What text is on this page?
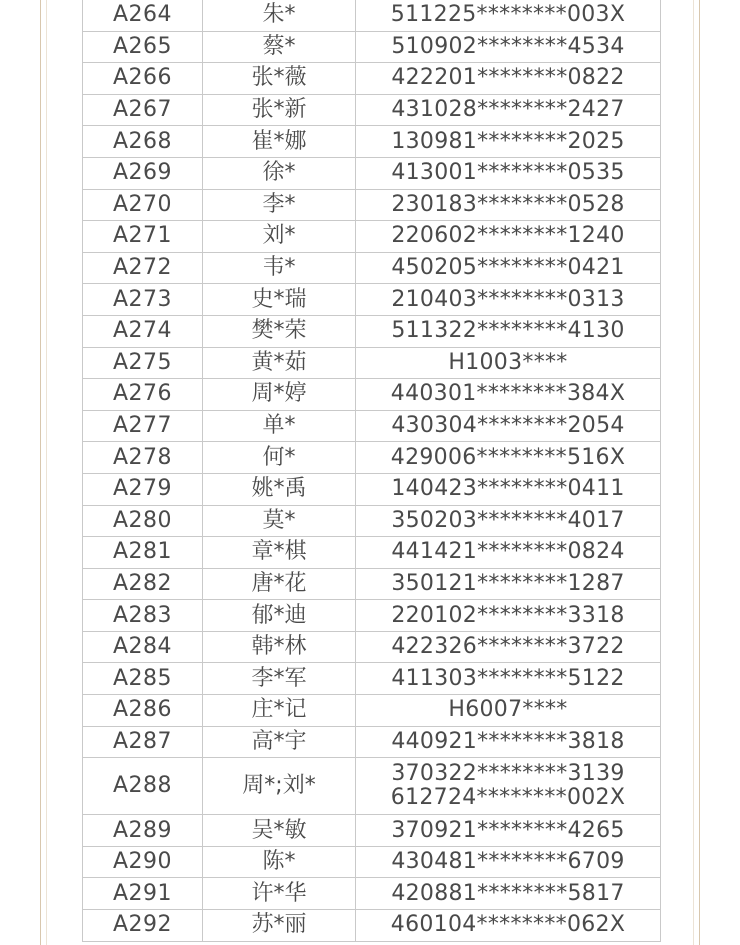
A264	朱*	511225********003X

A265	蔡*	510902********4534

A266	张*薇	422201********0822

A267	张*新	431028********2427

A268	崔*娜	130981********2025

A269	徐*	413001********0535

A270	李*	230183********0528

A271	刘*	220602********1240

A272	韦*	450205********0421

A273	史*瑞	210403********0313

A274	樊*荣	511322********4130

A275	黄*茹	H1003****

A276	周*婷	440301********384X

A277	单*	430304********2054

A278	何*	429006********516X

A279	姚*禹	140423********0411

A280	莫*	350203********4017

A281	章*棋	441421********0824

A282	唐*花	350121********1287

A283	郁*迪	220102********3318

A284	韩*林	422326********3722

A285	李*军	411303********5122

A286	庄*记	H6007****

A287	高*宇	440921********3818

A288	周*;刘*	370322********3139
612724********002X

A289	吴*敏	370921********4265

A290	陈*	430481********6709

A291	许*华	420881********5817

A292	苏*丽	460104********062X
